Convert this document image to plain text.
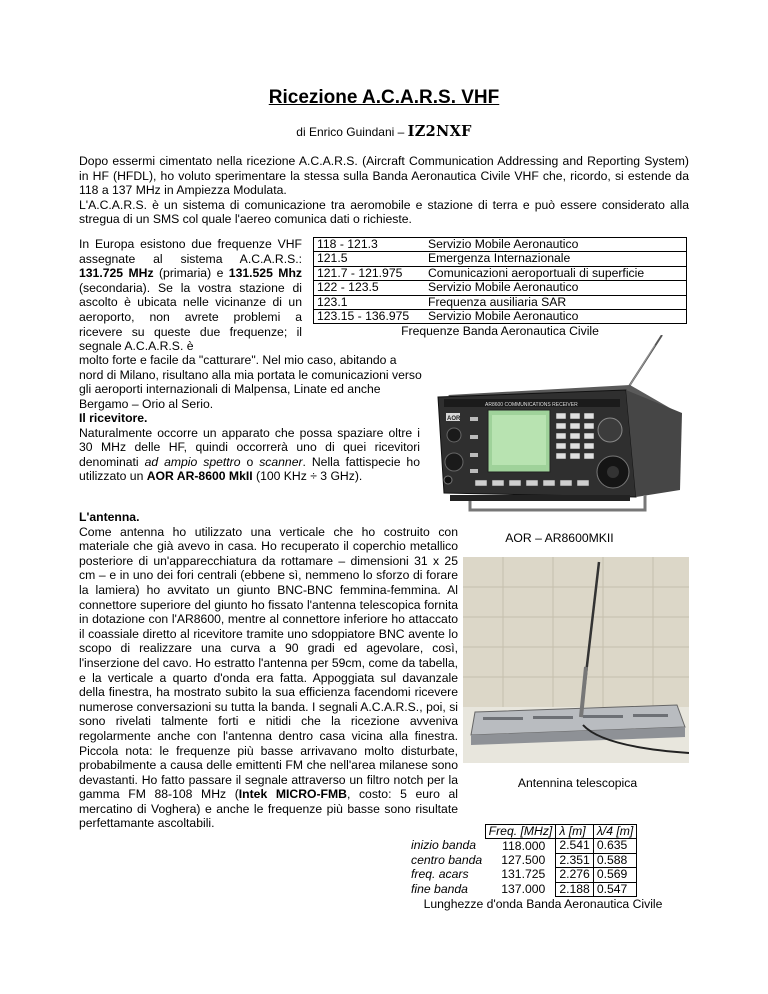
Ricezione A.C.A.R.S. VHF
di Enrico Guindani – IZ2NXF
Dopo essermi cimentato nella ricezione A.C.A.R.S. (Aircraft Communication Addressing and Reporting System) in HF (HFDL), ho voluto sperimentare la stessa sulla Banda Aeronautica Civile VHF che, ricordo, si estende da 118 a 137 MHz in Ampiezza Modulata.
L'A.C.A.R.S. è un sistema di comunicazione tra aeromobile e stazione di terra e può essere considerato alla stregua di un SMS col quale l'aereo comunica dati o richieste.
118 - 121.3	Servizio Mobile Aeronautico
121.5	Emergenza Internazionale
121.7 - 121.975	Comunicazioni aeroportuali di superficie
122 - 123.5	Servizio Mobile Aeronautico
123.1	Frequenza ausiliaria SAR
123.15 - 136.975	Servizio Mobile Aeronautico
Frequenze Banda Aeronautica Civile
In Europa esistono due frequenze VHF assegnate al sistema A.C.A.R.S.: 131.725 MHz (primaria) e 131.525 Mhz (secondaria). Se la vostra stazione di ascolto è ubicata nelle vicinanze di un aeroporto, non avrete problemi a ricevere su queste due frequenze; il segnale A.C.A.R.S. è
molto forte e facile da "catturare". Nel mio caso, abitando a nord di Milano, risultano alla mia portata le comunicazioni verso gli aeroporti internazionali di Malpensa, Linate ed anche Bergamo – Orio al Serio.
Il ricevitore.

Naturalmente occorre un apparato che possa spaziare oltre i 30 MHz delle HF, quindi occorrerà uno di quei ricevitori denominati ad ampio spettro o scanner. Nella fattispecie ho utilizzato un AOR AR-8600 MkII (100 KHz ÷ 3 GHz).
AR8600 COMMUNICATIONS RECEIVER
AOR
AOR – AR8600MKII
L'antenna.
Come antenna ho utilizzato una verticale che ho costruito con materiale che già avevo in casa. Ho recuperato il coperchio metallico posteriore di un'apparecchiatura da rottamare – dimensioni 31 x 25 cm – e in uno dei fori centrali (ebbene sì, nemmeno lo sforzo di forare la lamiera) ho avvitato un giunto BNC-BNC femmina-femmina. Al connettore superiore del giunto ho fissato l'antenna telescopica fornita in dotazione con l'AR8600, mentre al connettore inferiore ho attaccato il coassiale diretto al ricevitore tramite uno sdoppiatore BNC avente lo scopo di realizzare una curva a 90 gradi ed agevolare, così, l'inserzione del cavo. Ho estratto l'antenna per 59cm, come da tabella, e la verticale a quarto d'onda era fatta. Appoggiata sul davanzale della finestra, ha mostrato subito la sua efficienza facendomi ricevere numerose conversazioni su tutta la banda. I segnali A.C.A.R.S., poi, si sono rivelati talmente forti e nitidi che la ricezione avveniva regolarmente anche con l'antenna dentro casa vicina alla finestra. Piccola nota: le frequenze più basse arrivavano molto disturbate, probabilmente a causa delle emittenti FM che nell'area milanese sono devastanti. Ho fatto passare il segnale attraverso un filtro notch per la gamma FM 88-108 MHz (Intek MICRO-FMB, costo: 5 euro al mercatino di Voghera) e anche le frequenze più basse sono risultate perfettamante ascoltabili.
Antennina telescopica
	Freq. [MHz]	λ [m]	λ/4 [m]
inizio banda	118.000	2.541	0.635
centro banda	127.500	2.351	0.588
freq. acars	131.725	2.276	0.569
fine banda	137.000	2.188	0.547
Lunghezze d'onda Banda Aeronautica Civile
